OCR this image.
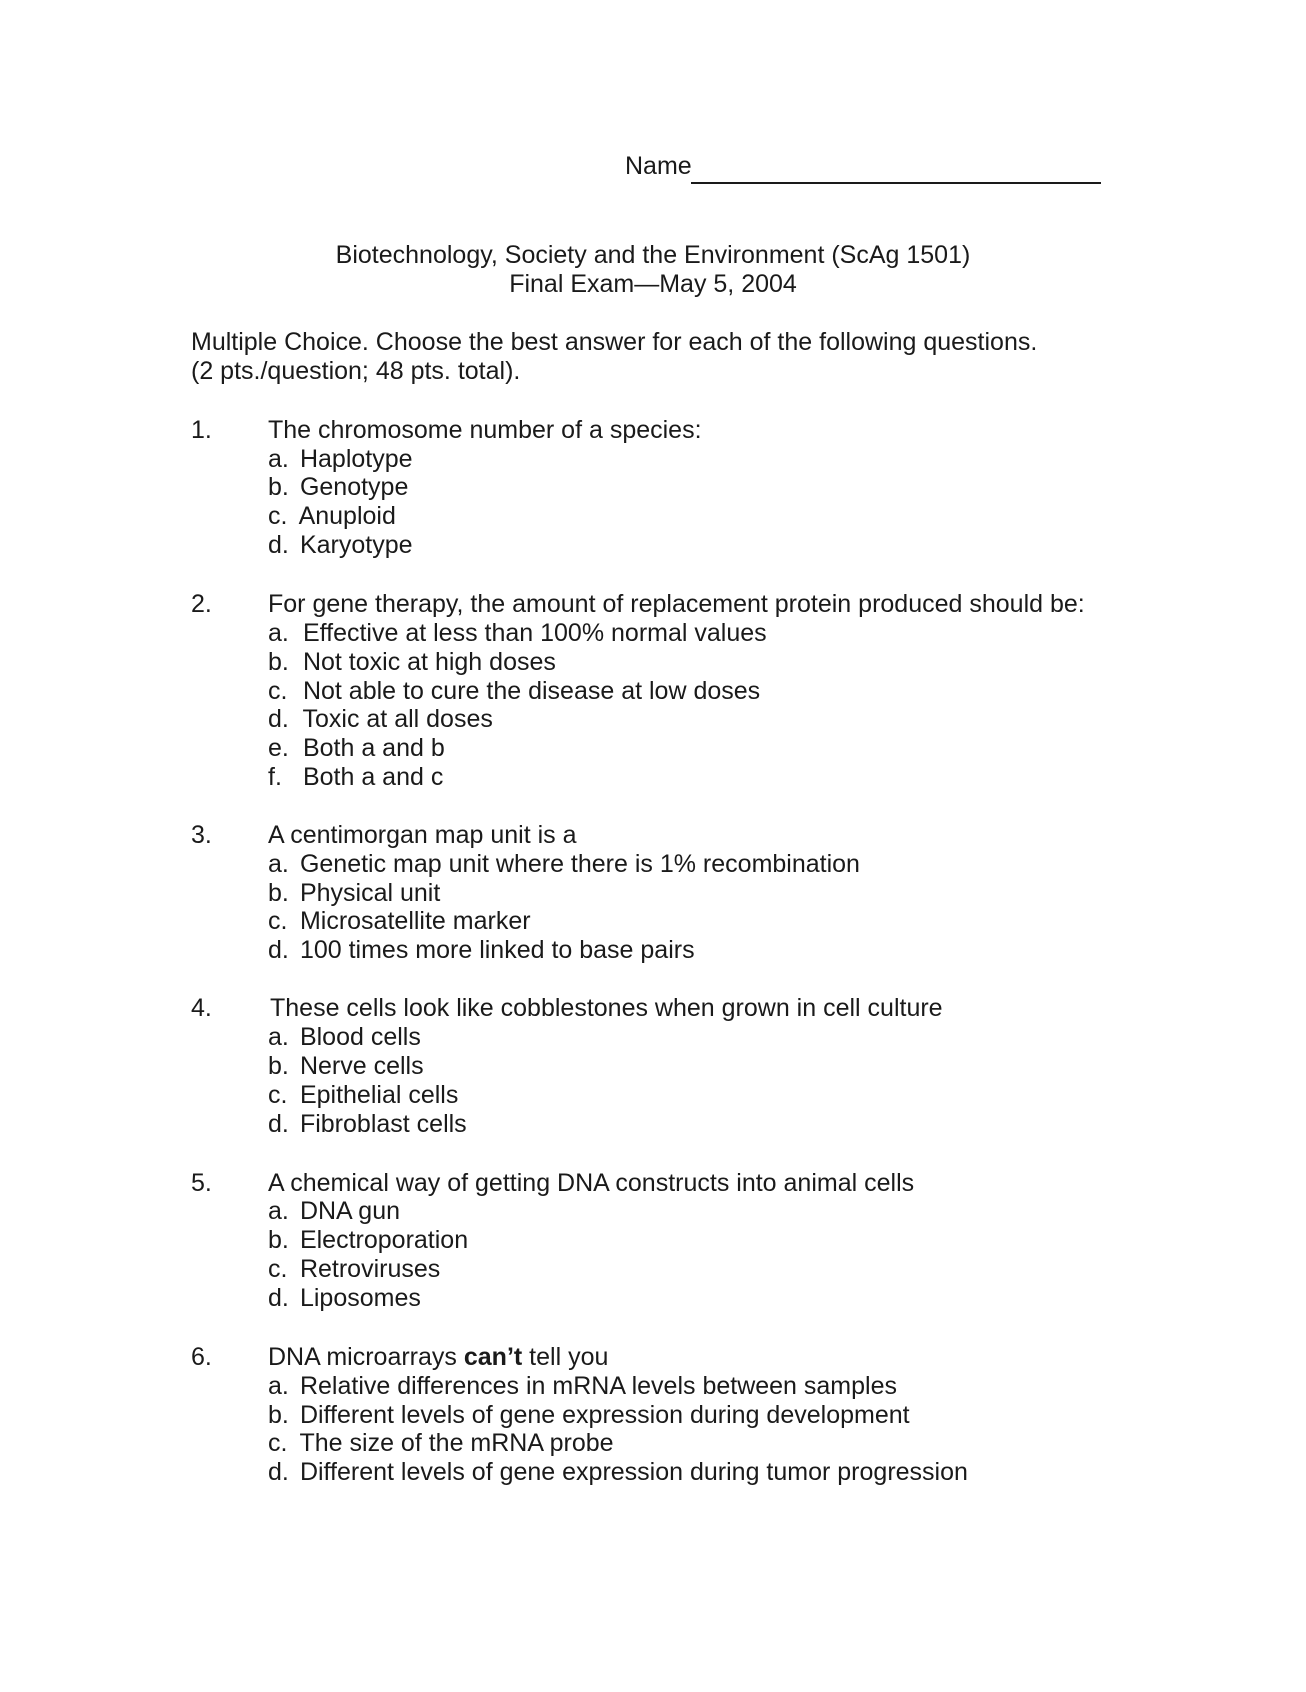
Name
Biotechnology, Society and the Environment (ScAg 1501)
Final Exam—May 5, 2004
Multiple Choice. Choose the best answer for each of the following questions.
(2 pts./question; 48 pts. total).
1. The chromosome number of a species:
a. Haplotype
b. Genotype
c. Anuploid
d. Karyotype
2. For gene therapy, the amount of replacement protein produced should be:
a. Effective at less than 100% normal values
b. Not toxic at high doses
c. Not able to cure the disease at low doses
d. Toxic at all doses
e. Both a and b
f. Both a and c
3. A centimorgan map unit is a
a. Genetic map unit where there is 1% recombination
b. Physical unit
c. Microsatellite marker
d. 100 times more linked to base pairs
4. These cells look like cobblestones when grown in cell culture
a. Blood cells
b. Nerve cells
c. Epithelial cells
d. Fibroblast cells
5. A chemical way of getting DNA constructs into animal cells
a. DNA gun
b. Electroporation
c. Retroviruses
d. Liposomes
6. DNA microarrays can’t tell you
a. Relative differences in mRNA levels between samples
b. Different levels of gene expression during development
c. The size of the mRNA probe
d. Different levels of gene expression during tumor progression
